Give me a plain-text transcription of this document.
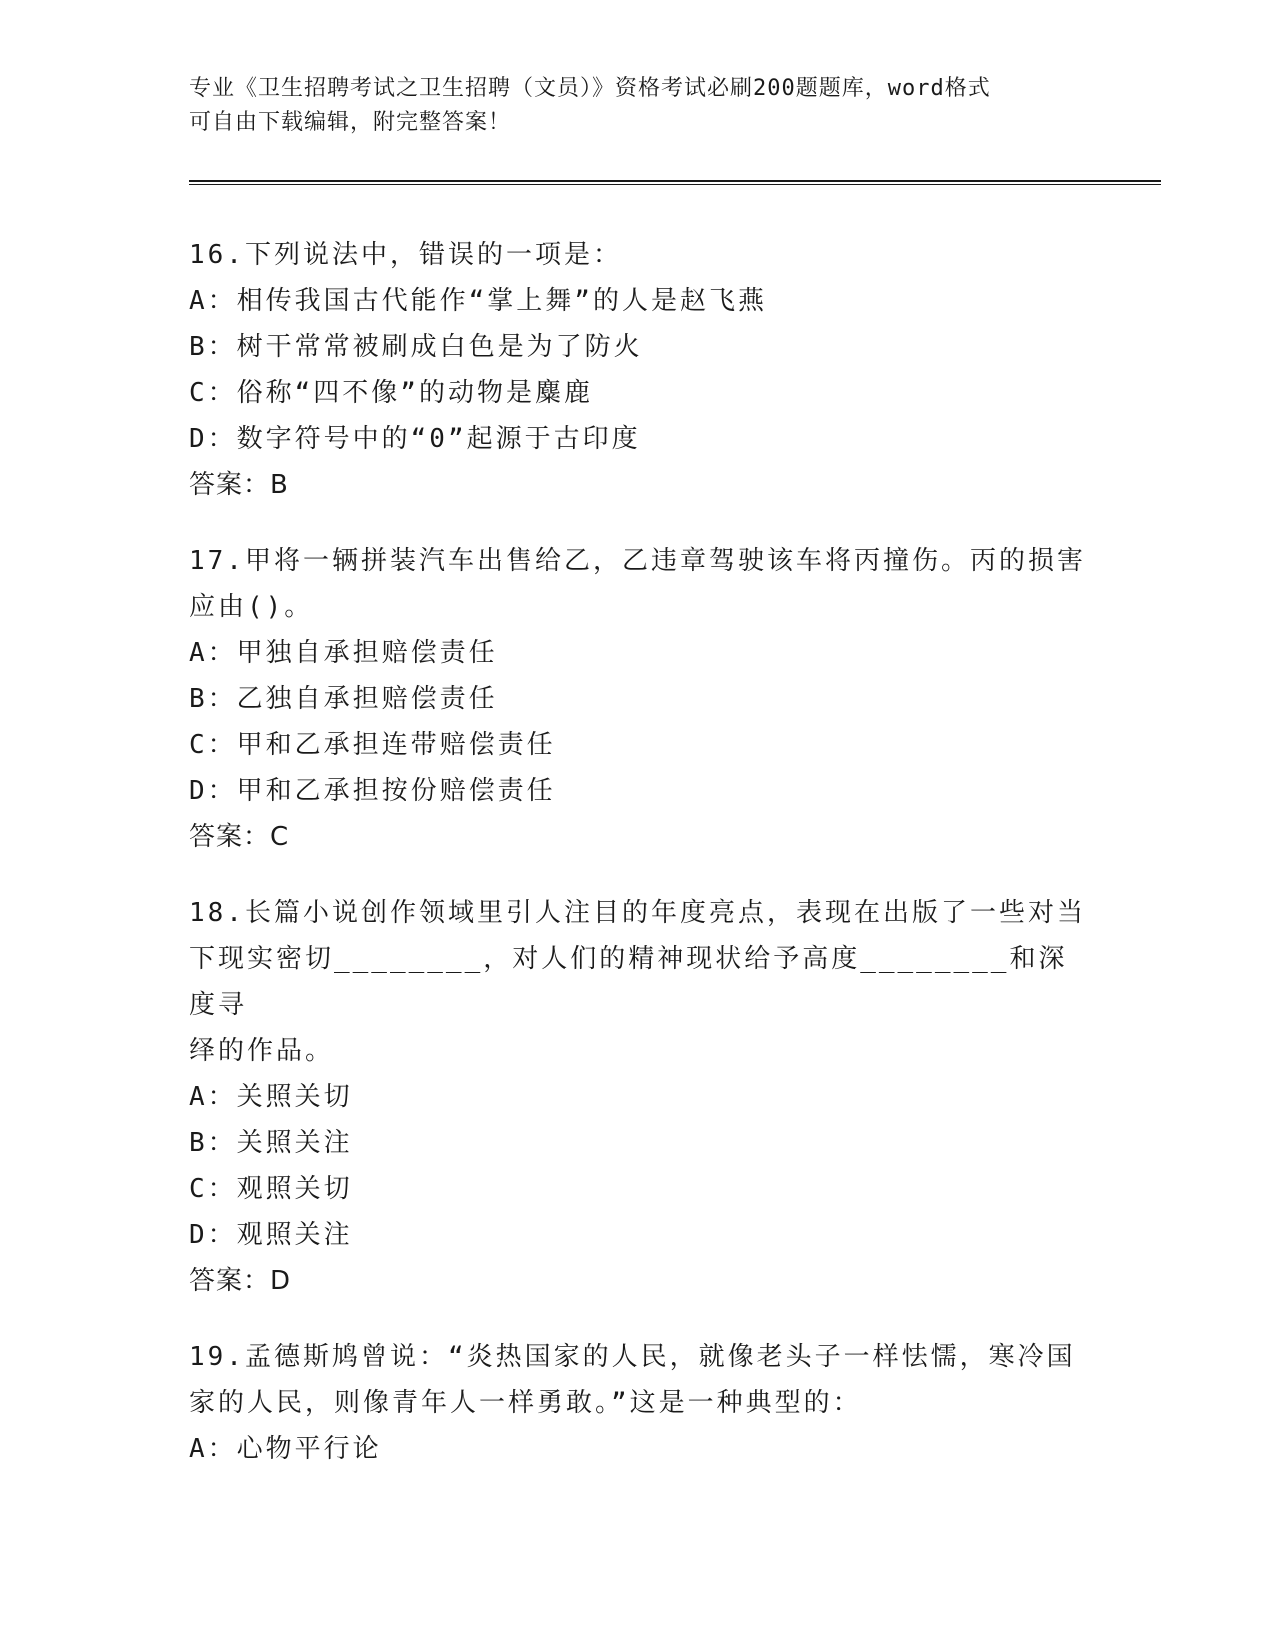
专业《卫生招聘考试之卫生招聘（文员）》资格考试必刷200题题库，word格式
可自由下载编辑，附完整答案！
16.下列说法中，错误的一项是：
A：相传我国古代能作“掌上舞”的人是赵飞燕
B：树干常常被刷成白色是为了防火
C：俗称“四不像”的动物是麋鹿
D：数字符号中的“0”起源于古印度
答案：B
17.甲将一辆拼装汽车出售给乙，乙违章驾驶该车将丙撞伤。丙的损害
应由()。
A：甲独自承担赔偿责任
B：乙独自承担赔偿责任
C：甲和乙承担连带赔偿责任
D：甲和乙承担按份赔偿责任
答案：C
18.长篇小说创作领域里引人注目的年度亮点，表现在出版了一些对当
下现实密切________，对人们的精神现状给予高度________和深度寻
绎的作品。
A：关照关切
B：关照关注
C：观照关切
D：观照关注
答案：D
19.孟德斯鸠曾说：“炎热国家的人民，就像老头子一样怯懦，寒冷国
家的人民，则像青年人一样勇敢。”这是一种典型的：
A：心物平行论
